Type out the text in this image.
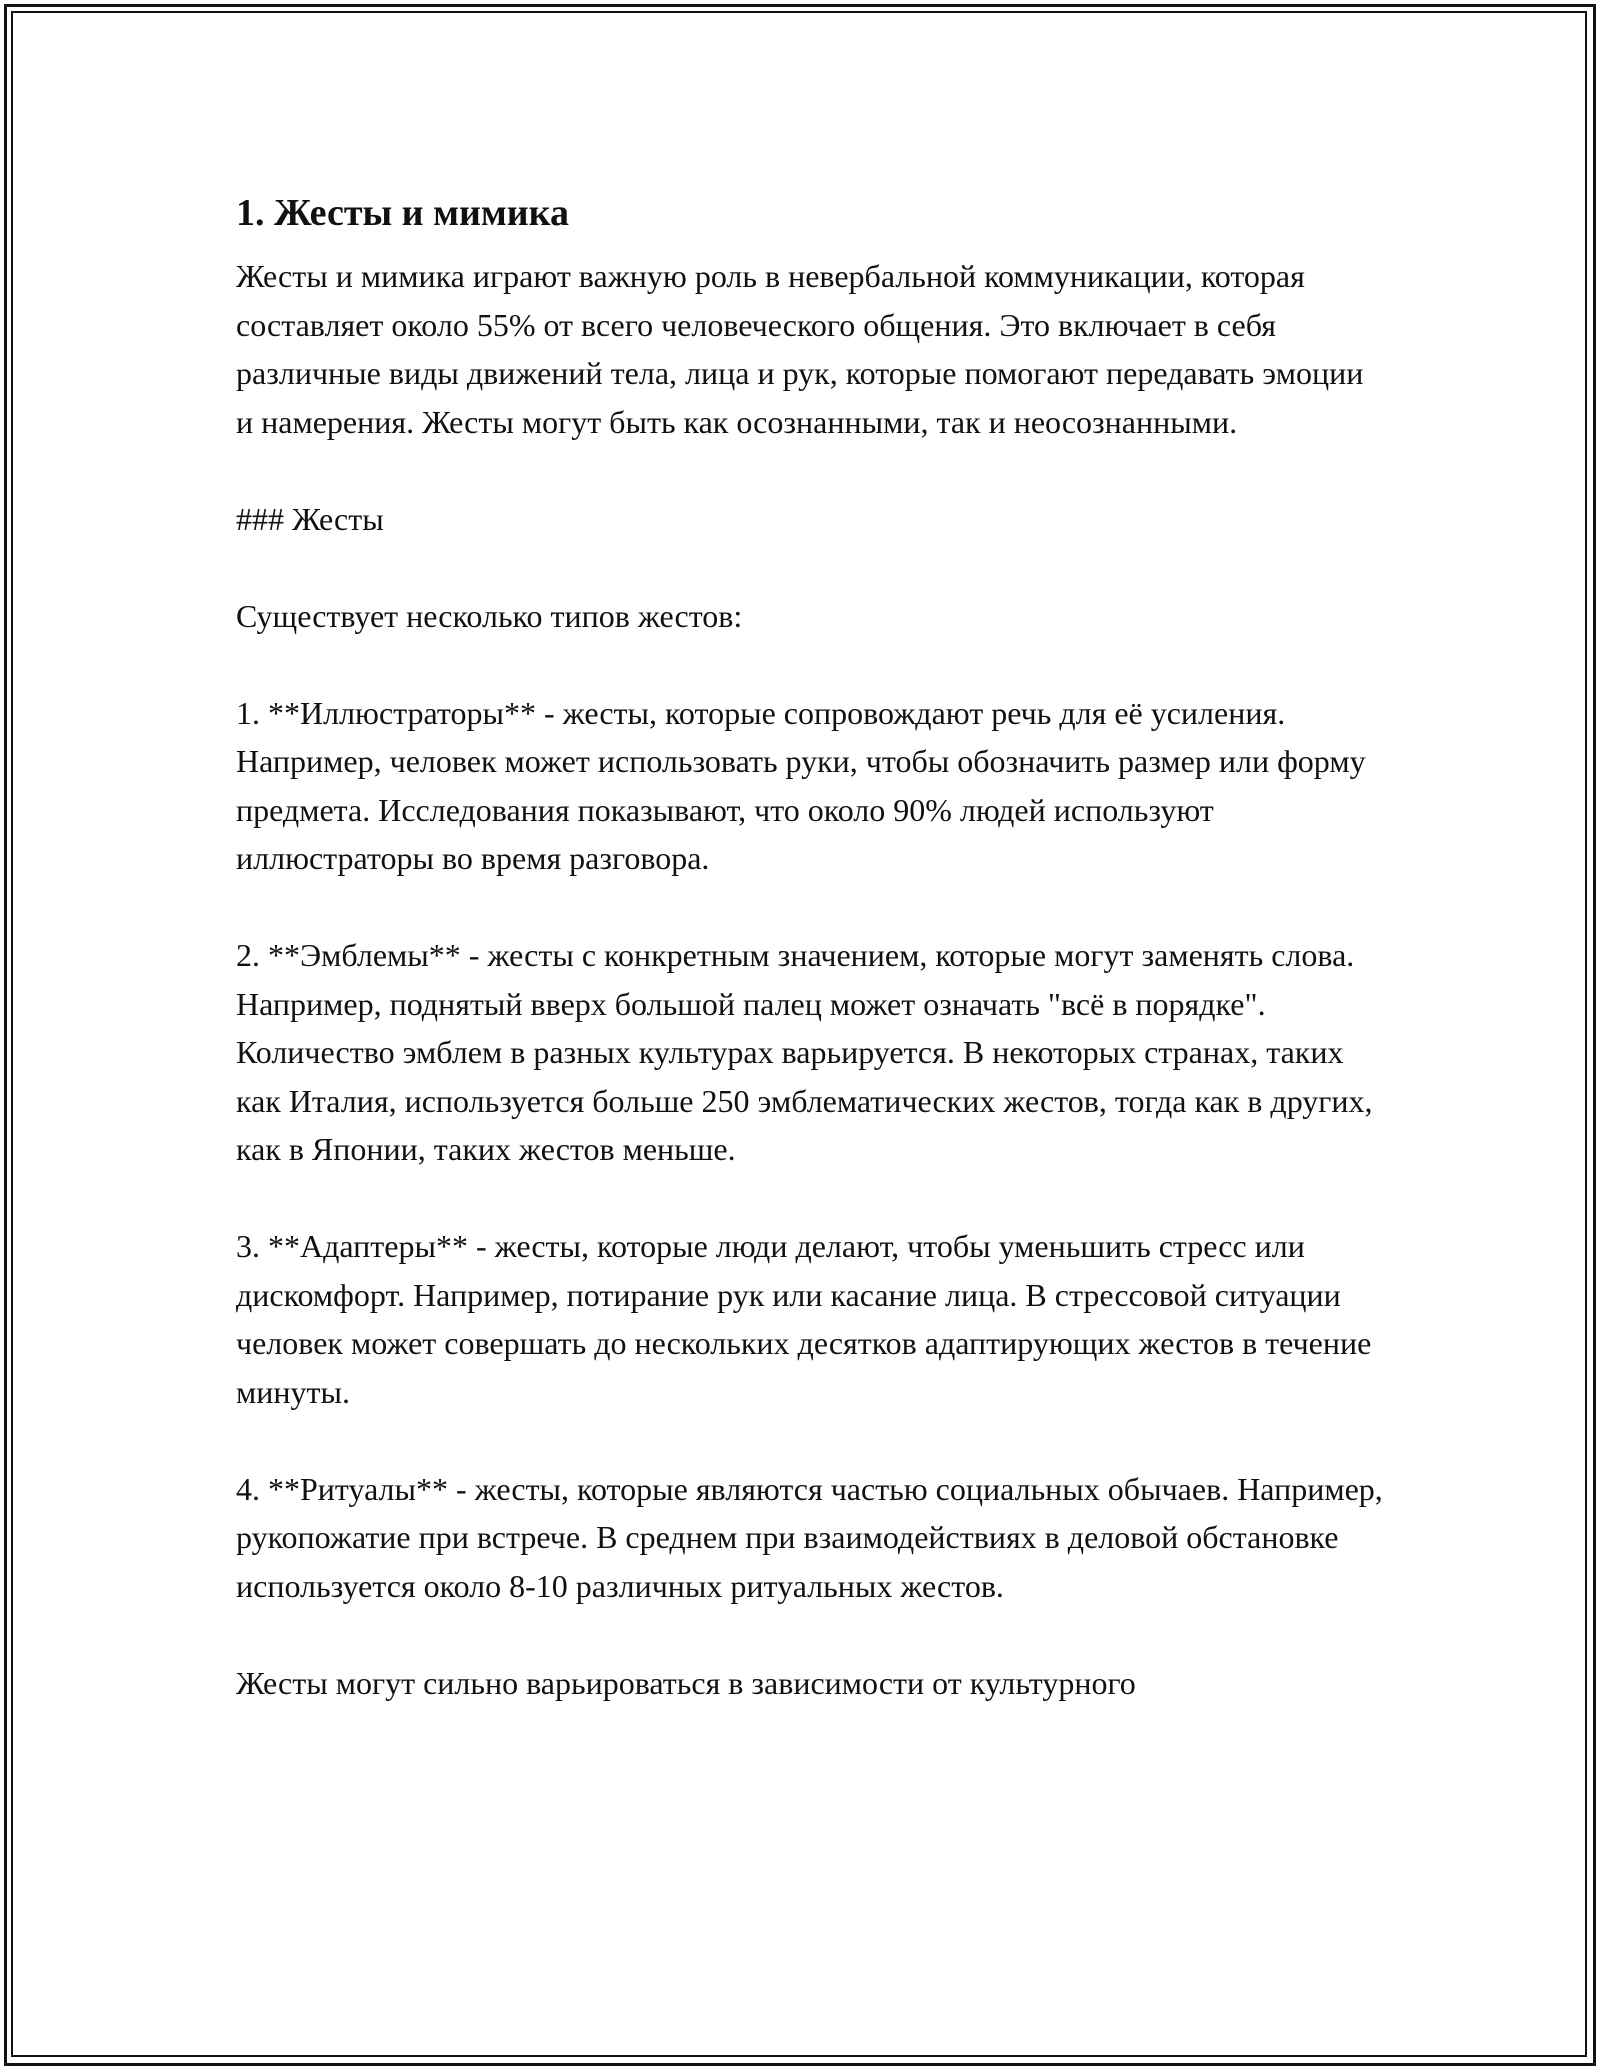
1. Жесты и мимика

Жесты и мимика играют важную роль в невербальной коммуникации, которая составляет около 55% от всего человеческого общения. Это включает в себя различные виды движений тела, лица и рук, которые помогают передавать эмоции и намерения. Жесты могут быть как осознанными, так и неосознанными.

### Жесты

Существует несколько типов жестов:

1. **Иллюстраторы** - жесты, которые сопровождают речь для её усиления. Например, человек может использовать руки, чтобы обозначить размер или форму предмета. Исследования показывают, что около 90% людей используют иллюстраторы во время разговора.

2. **Эмблемы** - жесты с конкретным значением, которые могут заменять слова. Например, поднятый вверх большой палец может означать "всё в порядке". Количество эмблем в разных культурах варьируется. В некоторых странах, таких как Италия, используется больше 250 эмблематических жестов, тогда как в других, как в Японии, таких жестов меньше.

3. **Адаптеры** - жесты, которые люди делают, чтобы уменьшить стресс или дискомфорт. Например, потирание рук или касание лица. В стрессовой ситуации человек может совершать до нескольких десятков адаптирующих жестов в течение минуты.

4. **Ритуалы** - жесты, которые являются частью социальных обычаев. Например, рукопожатие при встрече. В среднем при взаимодействиях в деловой обстановке используется около 8-10 различных ритуальных жестов.

Жесты могут сильно варьироваться в зависимости от культурного
